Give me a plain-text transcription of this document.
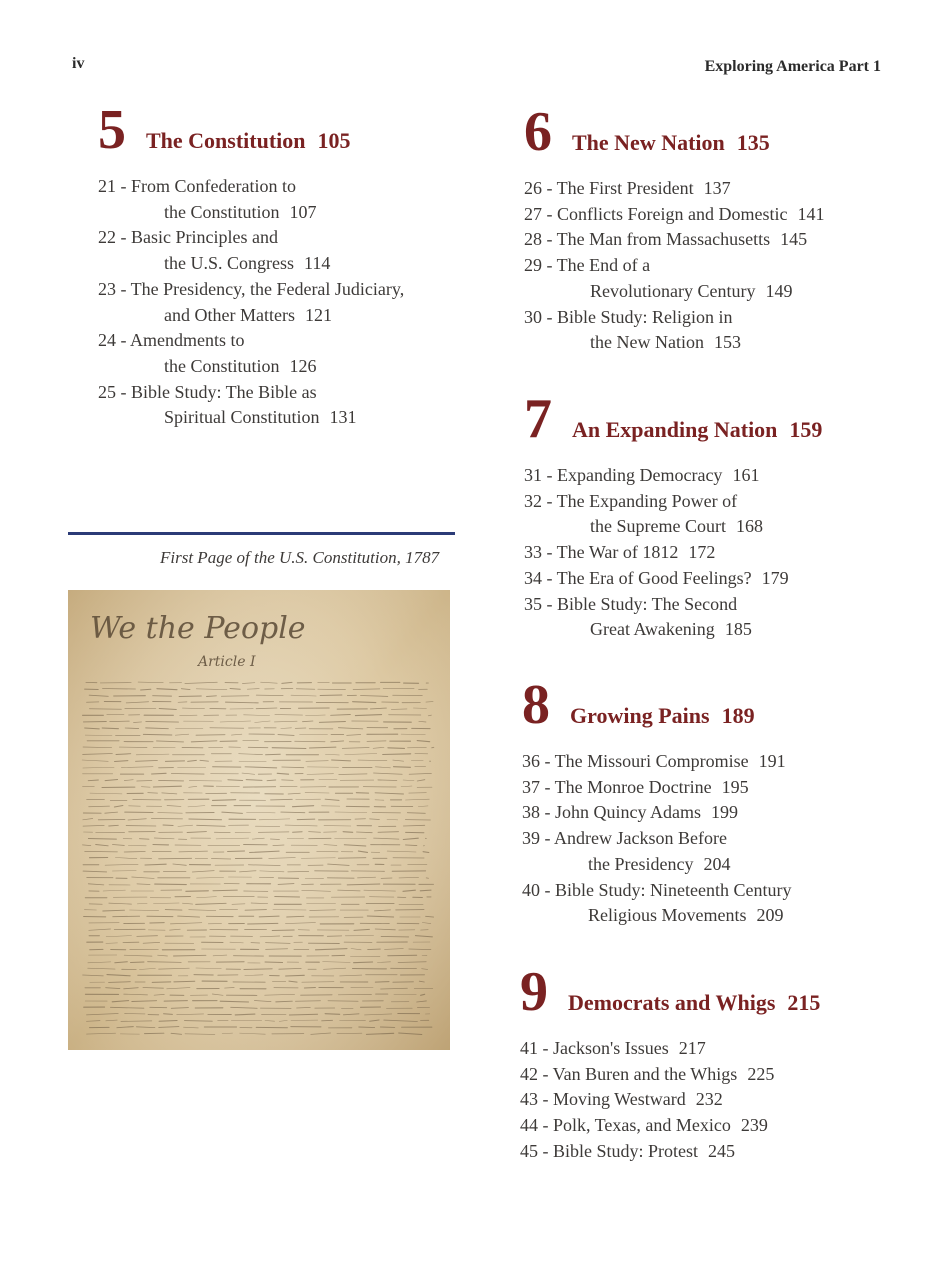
iv	Exploring America Part 1
5 The Constitution 105
21 - From Confederation to
the Constitution 107
22 - Basic Principles and
the U.S. Congress 114
23 - The Presidency, the Federal Judiciary,
and Other Matters 121
24 - Amendments to
the Constitution 126
25 - Bible Study: The Bible as
Spiritual Constitution 131
6 The New Nation 135
26 - The First President 137
27 - Conflicts Foreign and Domestic 141
28 - The Man from Massachusetts 145
29 - The End of a
Revolutionary Century 149
30 - Bible Study: Religion in
the New Nation 153
7 An Expanding Nation 159
31 - Expanding Democracy 161
32 - The Expanding Power of
the Supreme Court 168
33 - The War of 1812 172
34 - The Era of Good Feelings? 179
35 - Bible Study: The Second
Great Awakening 185
8 Growing Pains 189
36 - The Missouri Compromise 191
37 - The Monroe Doctrine 195
38 - John Quincy Adams 199
39 - Andrew Jackson Before
the Presidency 204
40 - Bible Study: Nineteenth Century
Religious Movements 209
9 Democrats and Whigs 215
41 - Jackson's Issues 217
42 - Van Buren and the Whigs 225
43 - Moving Westward 232
44 - Polk, Texas, and Mexico 239
45 - Bible Study: Protest 245
First Page of the U.S. Constitution, 1787
We the People
Article I
